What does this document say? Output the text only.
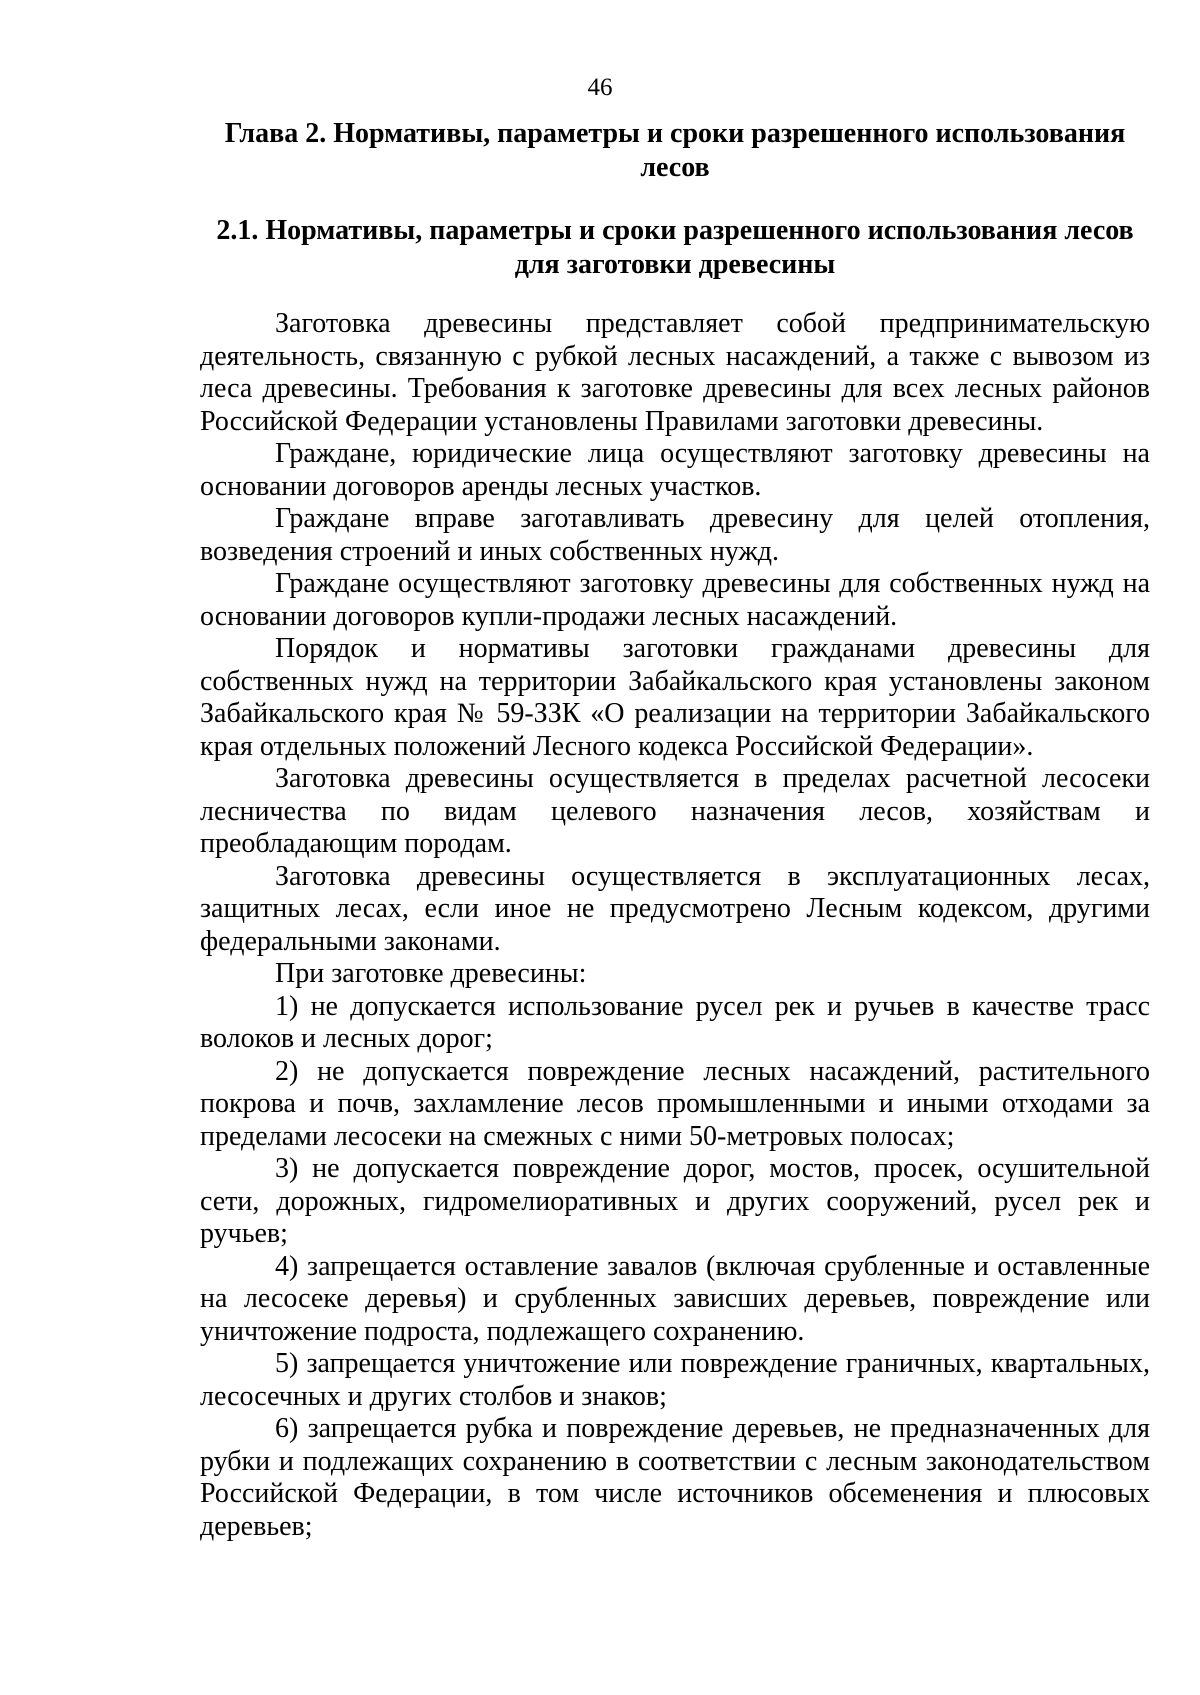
46
Глава 2. Нормативы, параметры и сроки разрешенного использования лесов
2.1. Нормативы, параметры и сроки разрешенного использования лесов для заготовки древесины

Заготовка древесины представляет собой предпринимательскую деятельность, связанную с рубкой лесных насаждений, а также с вывозом из леса древесины. Требования к заготовке древесины для всех лесных районов Российской Федерации установлены Правилами заготовки древесины.

Граждане, юридические лица осуществляют заготовку древесины на основании договоров аренды лесных участков.

Граждане вправе заготавливать древесину для целей отопления, возведения строений и иных собственных нужд.

Граждане осуществляют заготовку древесины для собственных нужд на основании договоров купли-продажи лесных насаждений.

Порядок и нормативы заготовки гражданами древесины для собственных нужд на территории Забайкальского края установлены законом Забайкальского края № 59-ЗЗК «О реализации на территории Забайкальского края отдельных положений Лесного кодекса Российской Федерации».

Заготовка древесины осуществляется в пределах расчетной лесосеки лесничества по видам целевого назначения лесов, хозяйствам и преобладающим породам.

Заготовка древесины осуществляется в эксплуатационных лесах, защитных лесах, если иное не предусмотрено Лесным кодексом, другими федеральными законами.

При заготовке древесины:

1) не допускается использование русел рек и ручьев в качестве трасс волоков и лесных дорог;

2) не допускается повреждение лесных насаждений, растительного покрова и почв, захламление лесов промышленными и иными отходами за пределами лесосеки на смежных с ними 50-метровых полосах;

3) не допускается повреждение дорог, мостов, просек, осушительной сети, дорожных, гидромелиоративных и других сооружений, русел рек и ручьев;

4) запрещается оставление завалов (включая срубленные и оставленные на лесосеке деревья) и срубленных зависших деревьев, повреждение или уничтожение подроста, подлежащего сохранению.

5) запрещается уничтожение или повреждение граничных, квартальных, лесосечных и других столбов и знаков;

6) запрещается рубка и повреждение деревьев, не предназначенных для рубки и подлежащих сохранению в соответствии с лесным законодательством Российской Федерации, в том числе источников обсеменения и плюсовых деревьев;
